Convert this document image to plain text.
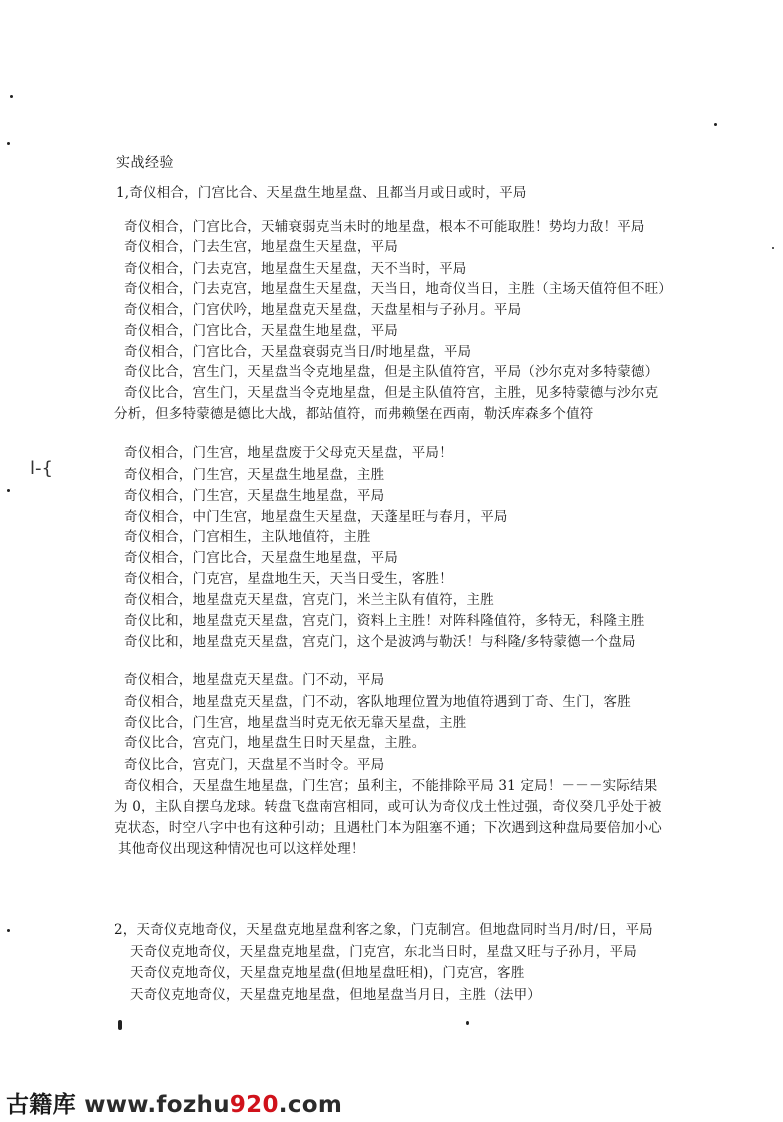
实战经验
1,奇仪相合，门宫比合、天星盘生地星盘、且都当月或日或时，平局
奇仪相合，门宫比合，天辅衰弱克当未时的地星盘，根本不可能取胜！势均力敌！平局
奇仪相合，门去生宫，地星盘生天星盘，平局
奇仪相合，门去克宫，地星盘生天星盘，天不当时，平局
奇仪相合，门去克宫，地星盘生天星盘，天当日，地奇仪当日，主胜（主场天值符但不旺）
奇仪相合，门宫伏吟，地星盘克天星盘，天盘星相与子孙月。平局
奇仪相合，门宫比合，天星盘生地星盘，平局
奇仪相合，门宫比合，天星盘衰弱克当日/时地星盘，平局
奇仪比合，宫生门，天星盘当令克地星盘，但是主队值符宫，平局（沙尔克对多特蒙德）
奇仪比合，宫生门，天星盘当令克地星盘，但是主队值符宫，主胜，见多特蒙德与沙尔克
分析，但多特蒙德是德比大战，都站值符，而弗赖堡在西南，勒沃库森多个值符
奇仪相合，门生宫，地星盘废于父母克天星盘，平局！
奇仪相合，门生宫，天星盘生地星盘，主胜
奇仪相合，门生宫，天星盘生地星盘，平局
奇仪相合，中门生宫，地星盘生天星盘，天蓬星旺与春月，平局
奇仪相合，门宫相生，主队地值符，主胜
奇仪相合，门宫比合，天星盘生地星盘，平局
奇仪相合，门克宫，星盘地生天，天当日受生，客胜！
奇仪相合，地星盘克天星盘，宫克门，米兰主队有值符，主胜
奇仪比和，地星盘克天星盘，宫克门，资料上主胜！对阵科隆值符，多特无，科隆主胜
奇仪比和，地星盘克天星盘，宫克门，这个是波鸿与勒沃！与科隆/多特蒙德一个盘局
奇仪相合，地星盘克天星盘。门不动，平局
奇仪相合，地星盘克天星盘，门不动，客队地理位置为地值符遇到丁奇、生门，客胜
奇仪比合，门生宫，地星盘当时克无依无靠天星盘，主胜
奇仪比合，宫克门，地星盘生日时天星盘，主胜。
奇仪比合，宫克门，天盘星不当时令。平局
奇仪相合，天星盘生地星盘，门生宫；虽利主，不能排除平局 31 定局！－－－实际结果
为 0，主队自摆乌龙球。转盘飞盘南宫相同，或可认为奇仪戊土性过强，奇仪癸几乎处于被
克状态，时空八字中也有这种引动；且遇杜门本为阻塞不通；下次遇到这种盘局要倍加小心
其他奇仪出现这种情况也可以这样处理！
2，天奇仪克地奇仪，天星盘克地星盘利客之象，门克制宫。但地盘同时当月/时/日，平局
天奇仪克地奇仪，天星盘克地星盘，门克宫，东北当日时，星盘又旺与子孙月，平局
天奇仪克地奇仪，天星盘克地星盘(但地星盘旺相)，门克宫，客胜
天奇仪克地奇仪，天星盘克地星盘，但地星盘当月日，主胜（法甲）
l-{
古籍库 www.fozhu920.com
